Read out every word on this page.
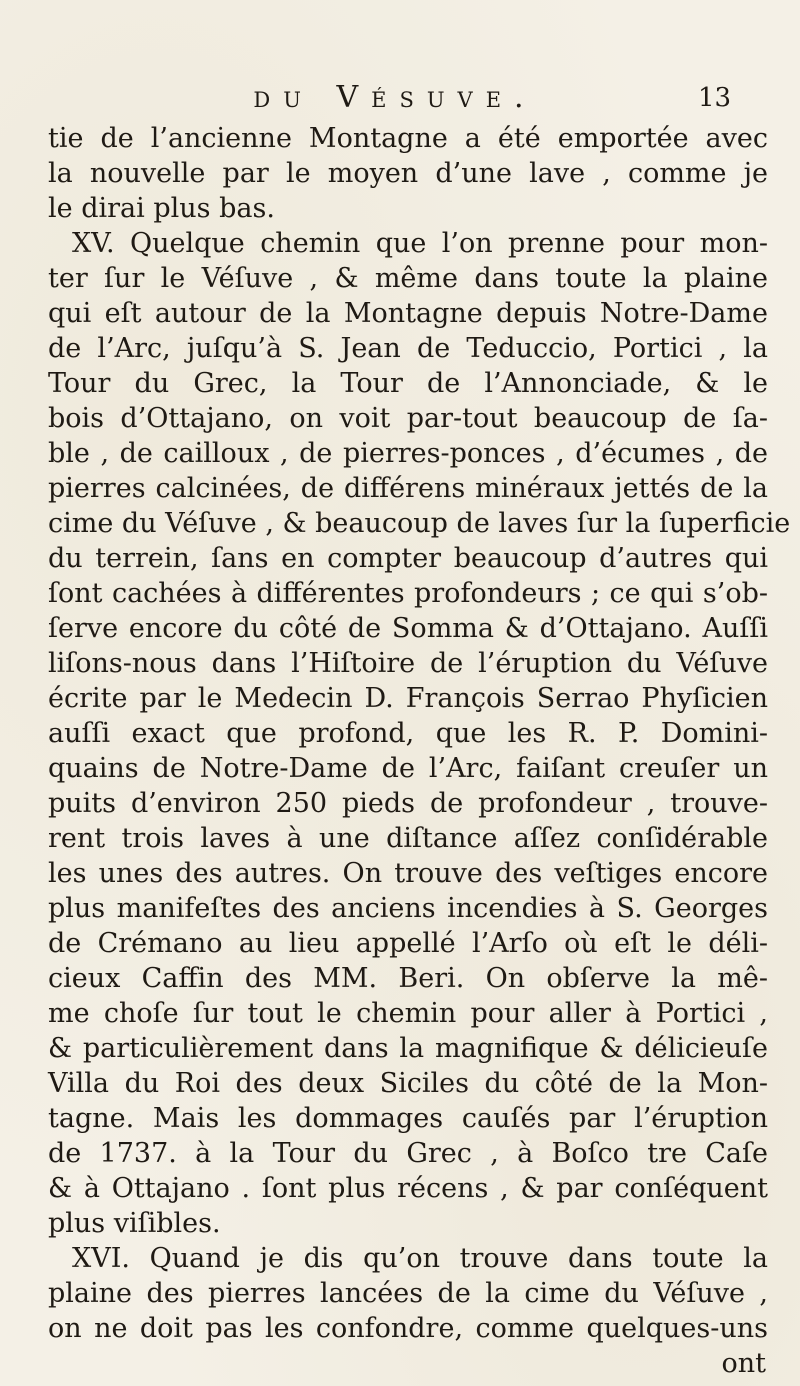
du Vésuve.	13
tie de l’ancienne Montagne a été emportée avec
la nouvelle par le moyen d’une lave , comme je
le dirai plus bas.
XV. Quelque chemin que l’on prenne pour mon-
ter ſur le Véſuve , & même dans toute la plaine
qui eſt autour de la Montagne depuis Notre-Dame
de l’Arc, juſqu’à S. Jean de Teduccio, Portici , la
Tour du Grec, la Tour de l’Annonciade, & le
bois d’Ottajano, on voit par-tout beaucoup de ſa-
ble , de cailloux , de pierres-ponces , d’écumes , de
pierres calcinées, de différens minéraux jettés de la
cime du Véſuve , & beaucoup de laves ſur la ſuperficie
du terrein, ſans en compter beaucoup d’autres qui
ſont cachées à différentes profondeurs ; ce qui s’ob-
ſerve encore du côté de Somma & d’Ottajano. Auſſi
liſons-nous dans l’Hiſtoire de l’éruption du Véſuve
écrite par le Medecin D. François Serrao Phyſicien
auſſi exact que profond, que les R. P. Domini-
quains de Notre-Dame de l’Arc, faiſant creuſer un
puits d’environ 250 pieds de profondeur , trouve-
rent trois laves à une diſtance aſſez conſidérable
les unes des autres. On trouve des veſtiges encore
plus manifeſtes des anciens incendies à S. Georges
de Crémano au lieu appellé l’Arſo où eſt le déli-
cieux Caffin des MM. Beri. On obſerve la mê-
me choſe ſur tout le chemin pour aller à Portici ,
& particulièrement dans la magnifique & délicieuſe
Villa du Roi des deux Siciles du côté de la Mon-
tagne. Mais les dommages cauſés par l’éruption
de 1737. à la Tour du Grec , à Boſco tre Caſe
& à Ottajano . ſont plus récens , & par conſéquent
plus viſibles.
XVI. Quand je dis qu’on trouve dans toute la
plaine des pierres lancées de la cime du Véſuve ,
on ne doit pas les confondre, comme quelques-uns
ont
